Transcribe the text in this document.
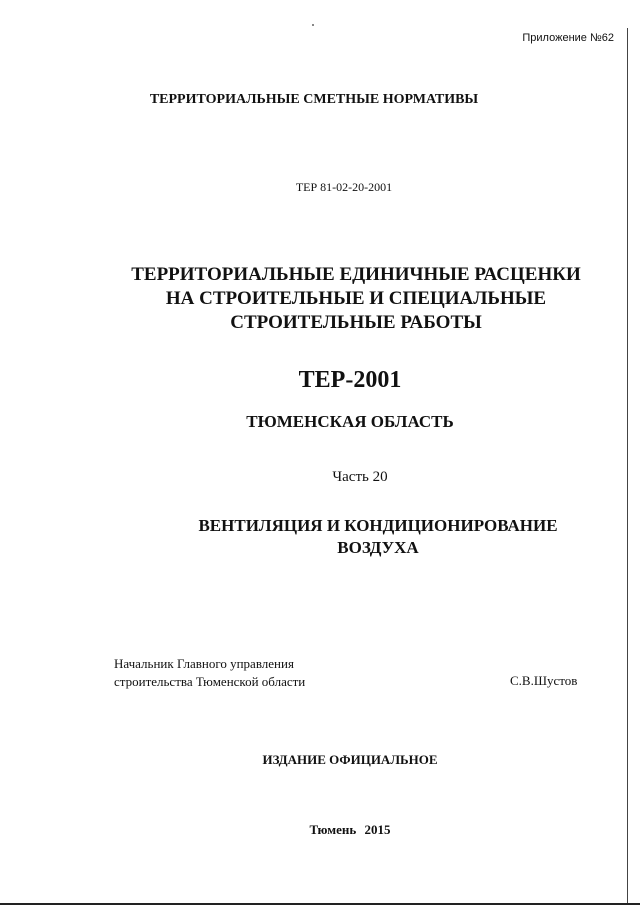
Приложение №62
ТЕРРИТОРИАЛЬНЫЕ СМЕТНЫЕ НОРМАТИВЫ
ТЕР 81-02-20-2001
ТЕРРИТОРИАЛЬНЫЕ ЕДИНИЧНЫЕ РАСЦЕНКИ
НА СТРОИТЕЛЬНЫЕ И СПЕЦИАЛЬНЫЕ
СТРОИТЕЛЬНЫЕ РАБОТЫ
ТЕР-2001
ТЮМЕНСКАЯ ОБЛАСТЬ
Часть 20
ВЕНТИЛЯЦИЯ И КОНДИЦИОНИРОВАНИЕ
ВОЗДУХА
Начальник Главного управления
строительства Тюменской области	С.В.Шустов
ИЗДАНИЕ ОФИЦИАЛЬНОЕ
Тюмень 2015
